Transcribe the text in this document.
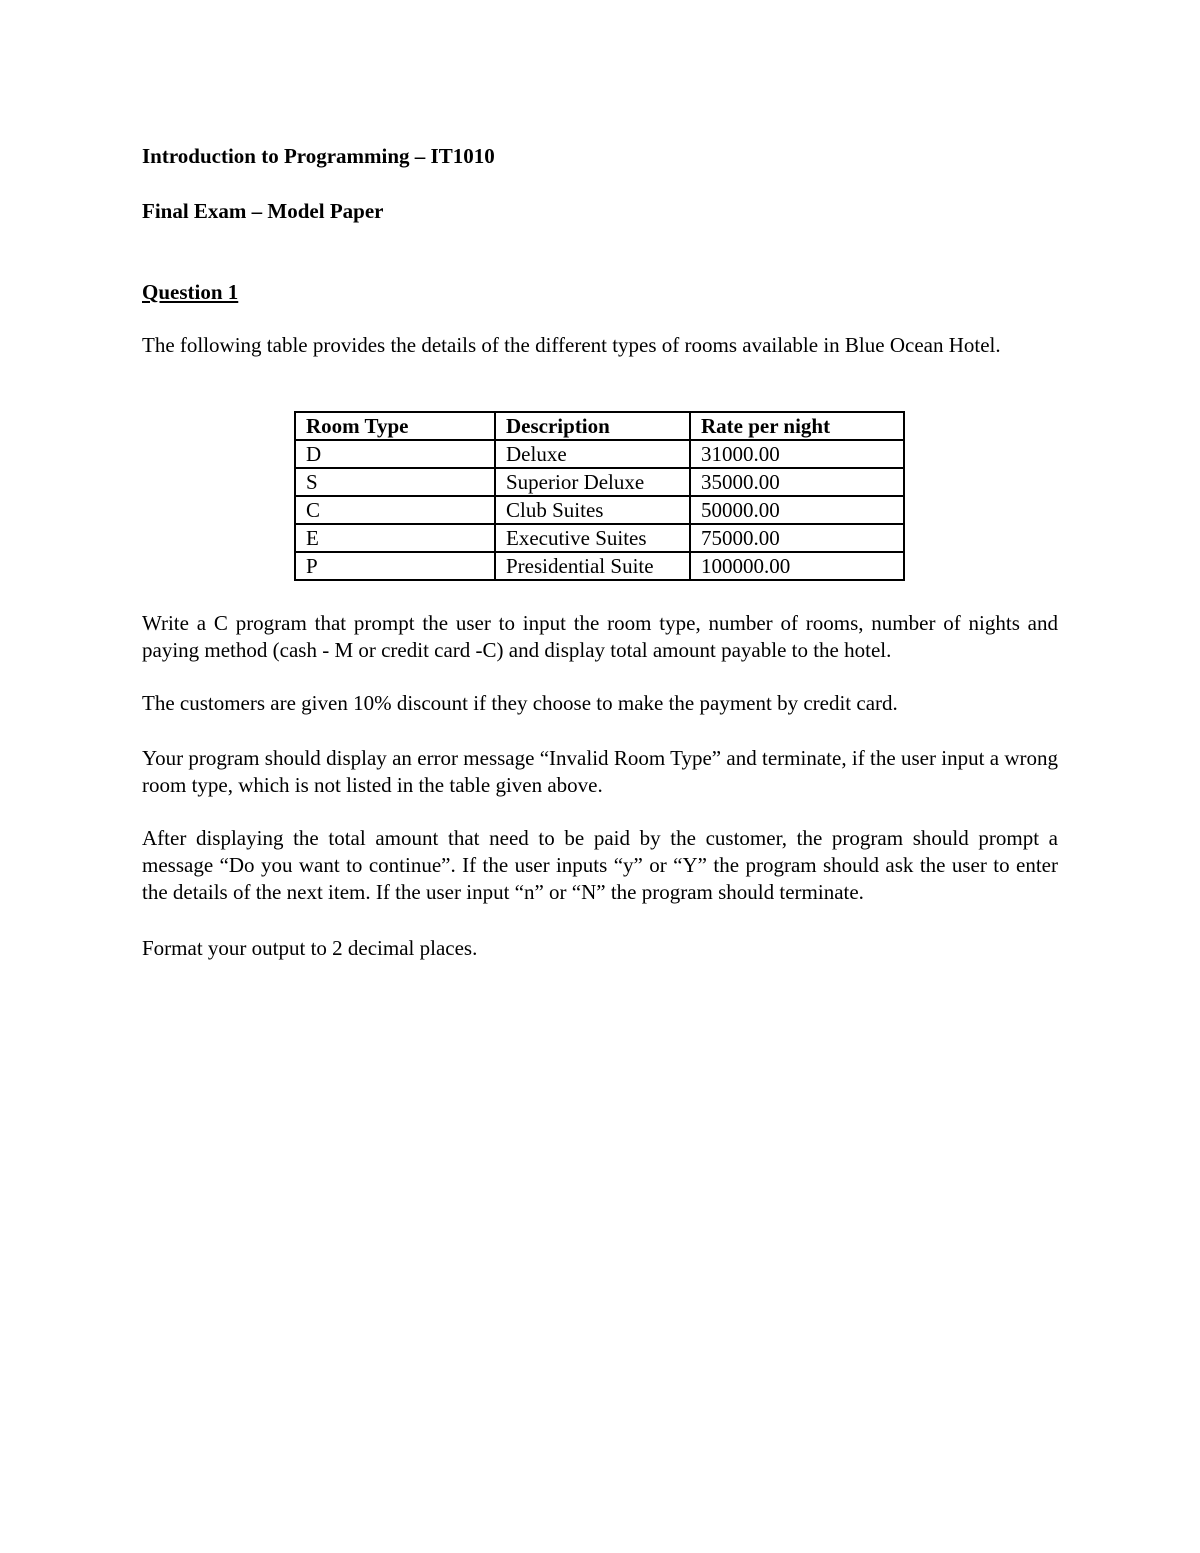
Introduction to Programming – IT1010
Final Exam – Model Paper
Question 1
The following table provides the details of the different types of rooms available in Blue Ocean Hotel.
Room Type	Description	Rate per night
D	Deluxe	31000.00
S	Superior Deluxe	35000.00
C	Club Suites	50000.00
E	Executive Suites	75000.00
P	Presidential Suite	100000.00
Write a C program that prompt the user to input the room type, number of rooms, number of nights and paying method (cash - M or credit card -C) and display total amount payable to the hotel.
The customers are given 10% discount if they choose to make the payment by credit card.
Your program should display an error message “Invalid Room Type” and terminate, if the user input a wrong room type, which is not listed in the table given above.
After displaying the total amount that need to be paid by the customer, the program should prompt a message “Do you want to continue”. If the user inputs “y” or “Y” the program should ask the user to enter the details of the next item. If the user input “n” or “N” the program should terminate.
Format your output to 2 decimal places.
